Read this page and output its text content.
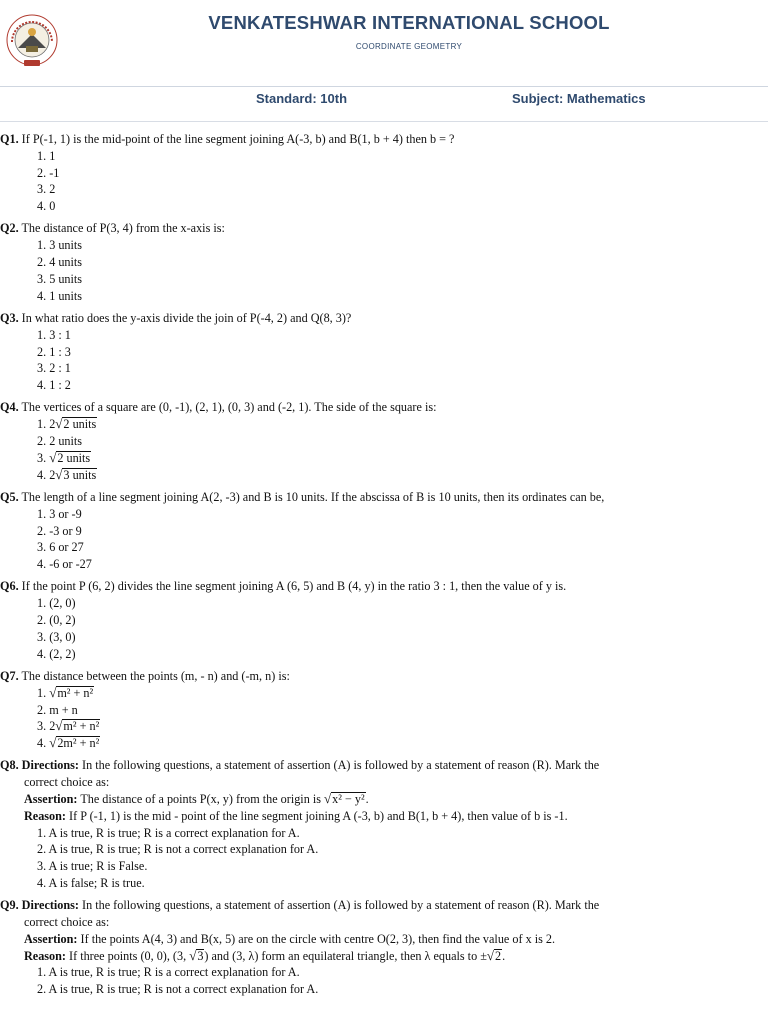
VENKATESHWAR INTERNATIONAL SCHOOL
COORDINATE GEOMETRY
Standard: 10th	Subject: Mathematics
Q1. If P(-1, 1) is the mid-point of the line segment joining A(-3, b) and B(1, b + 4) then b = ?
1. 1
2. -1
3. 2
4. 0
Q2. The distance of P(3, 4) from the x-axis is:
1. 3 units
2. 4 units
3. 5 units
4. 1 units
Q3. In what ratio does the y-axis divide the join of P(-4, 2) and Q(8, 3)?
1. 3 : 1
2. 1 : 3
3. 2 : 1
4. 1 : 2
Q4. The vertices of a square are (0, -1), (2, 1), (0, 3) and (-2, 1). The side of the square is:
1. 2√2 units
2. 2 units
3. √2 units
4. 2√3 units
Q5. The length of a line segment joining A(2, -3) and B is 10 units. If the abscissa of B is 10 units, then its ordinates can be,
1. 3 or -9
2. -3 or 9
3. 6 or 27
4. -6 or -27
Q6. If the point P (6, 2) divides the line segment joining A (6, 5) and B (4, y) in the ratio 3 : 1, then the value of y is.
1. (2, 0)
2. (0, 2)
3. (3, 0)
4. (2, 2)
Q7. The distance between the points (m, - n) and (-m, n) is:
1. √m² + n²
2. m + n
3. 2√m² + n²
4. √2m² + n²
Q8. Directions: In the following questions, a statement of assertion (A) is followed by a statement of reason (R). Mark the
correct choice as:
Assertion: The distance of a points P(x, y) from the origin is √x² − y².
Reason: If P (-1, 1) is the mid - point of the line segment joining A (-3, b) and B(1, b + 4), then value of b is -1.
1. A is true, R is true; R is a correct explanation for A.
2. A is true, R is true; R is not a correct explanation for A.
3. A is true; R is False.
4. A is false; R is true.
Q9. Directions: In the following questions, a statement of assertion (A) is followed by a statement of reason (R). Mark the
correct choice as:
Assertion: If the points A(4, 3) and B(x, 5) are on the circle with centre O(2, 3), then find the value of x is 2.
Reason: If three points (0, 0), (3, √3) and (3, λ) form an equilateral triangle, then λ equals to ±√2.
1. A is true, R is true; R is a correct explanation for A.
2. A is true, R is true; R is not a correct explanation for A.
